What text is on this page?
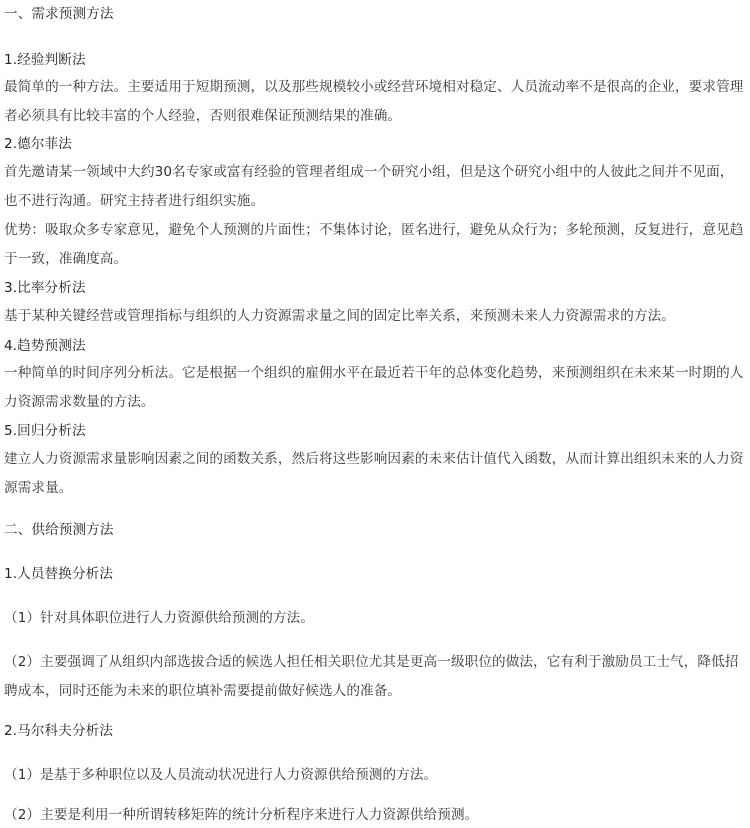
一、需求预测方法
1.经验判断法
最简单的一种方法。主要适用于短期预测，以及那些规模较小或经营环境相对稳定、人员流动率不是很高的企业，要求管理者必须具有比较丰富的个人经验，否则很难保证预测结果的准确。
2.德尔菲法
首先邀请某一领域中大约30名专家或富有经验的管理者组成一个研究小组，但是这个研究小组中的人彼此之间并不见面，也不进行沟通。研究主持者进行组织实施。
优势：吸取众多专家意见，避免个人预测的片面性；不集体讨论，匿名进行，避免从众行为；多轮预测，反复进行，意见趋于一致，准确度高。
3.比率分析法
基于某种关键经营或管理指标与组织的人力资源需求量之间的固定比率关系，来预测未来人力资源需求的方法。
4.趋势预测法
一种简单的时间序列分析法。它是根据一个组织的雇佣水平在最近若干年的总体变化趋势，来预测组织在未来某一时期的人力资源需求数量的方法。
5.回归分析法
建立人力资源需求量影响因素之间的函数关系，然后将这些影响因素的未来估计值代入函数，从而计算出组织未来的人力资源需求量。
二、供给预测方法
1.人员替换分析法
（1）针对具体职位进行人力资源供给预测的方法。
（2）主要强调了从组织内部选拔合适的候选人担任相关职位尤其是更高一级职位的做法，它有利于激励员工士气，降低招聘成本，同时还能为未来的职位填补需要提前做好候选人的准备。
2.马尔科夫分析法
（1）是基于多种职位以及人员流动状况进行人力资源供给预测的方法。
（2）主要是利用一种所谓转移矩阵的统计分析程序来进行人力资源供给预测。
